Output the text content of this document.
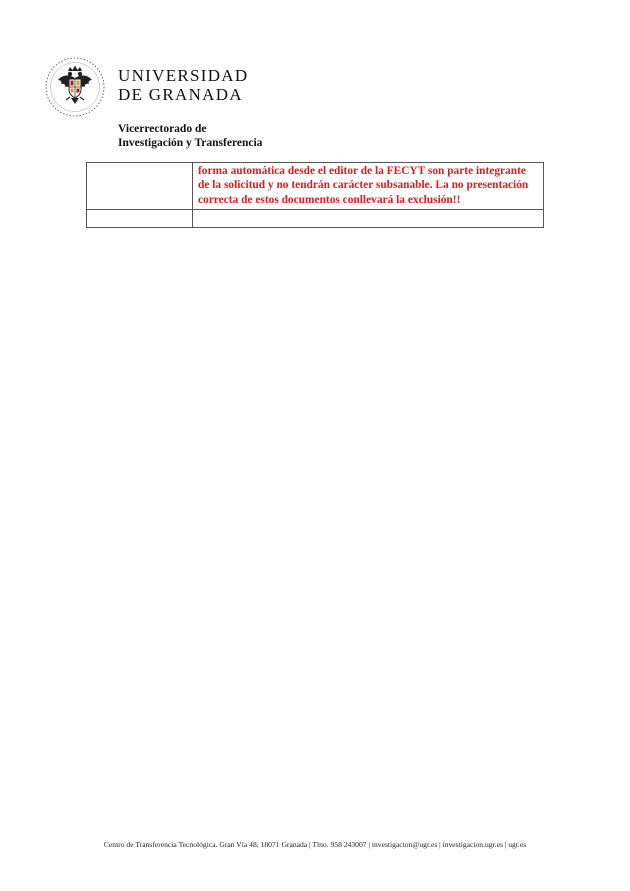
UNIVERSIDAD
DE GRANADA
Vicerrectorado de
Investigación y Transferencia
	forma automática desde el editor de la FECYT son parte integrante de la solicitud y no tendrán carácter subsanable. La no presentación correcta de estos documentos conllevará la exclusión!!

Centro de Transferencia Tecnológica. Gran Vía 48, 18071 Granada | Tlno. 958 243007 | investigacion@ugr.es | investigacion.ugr.es | ugr.es
